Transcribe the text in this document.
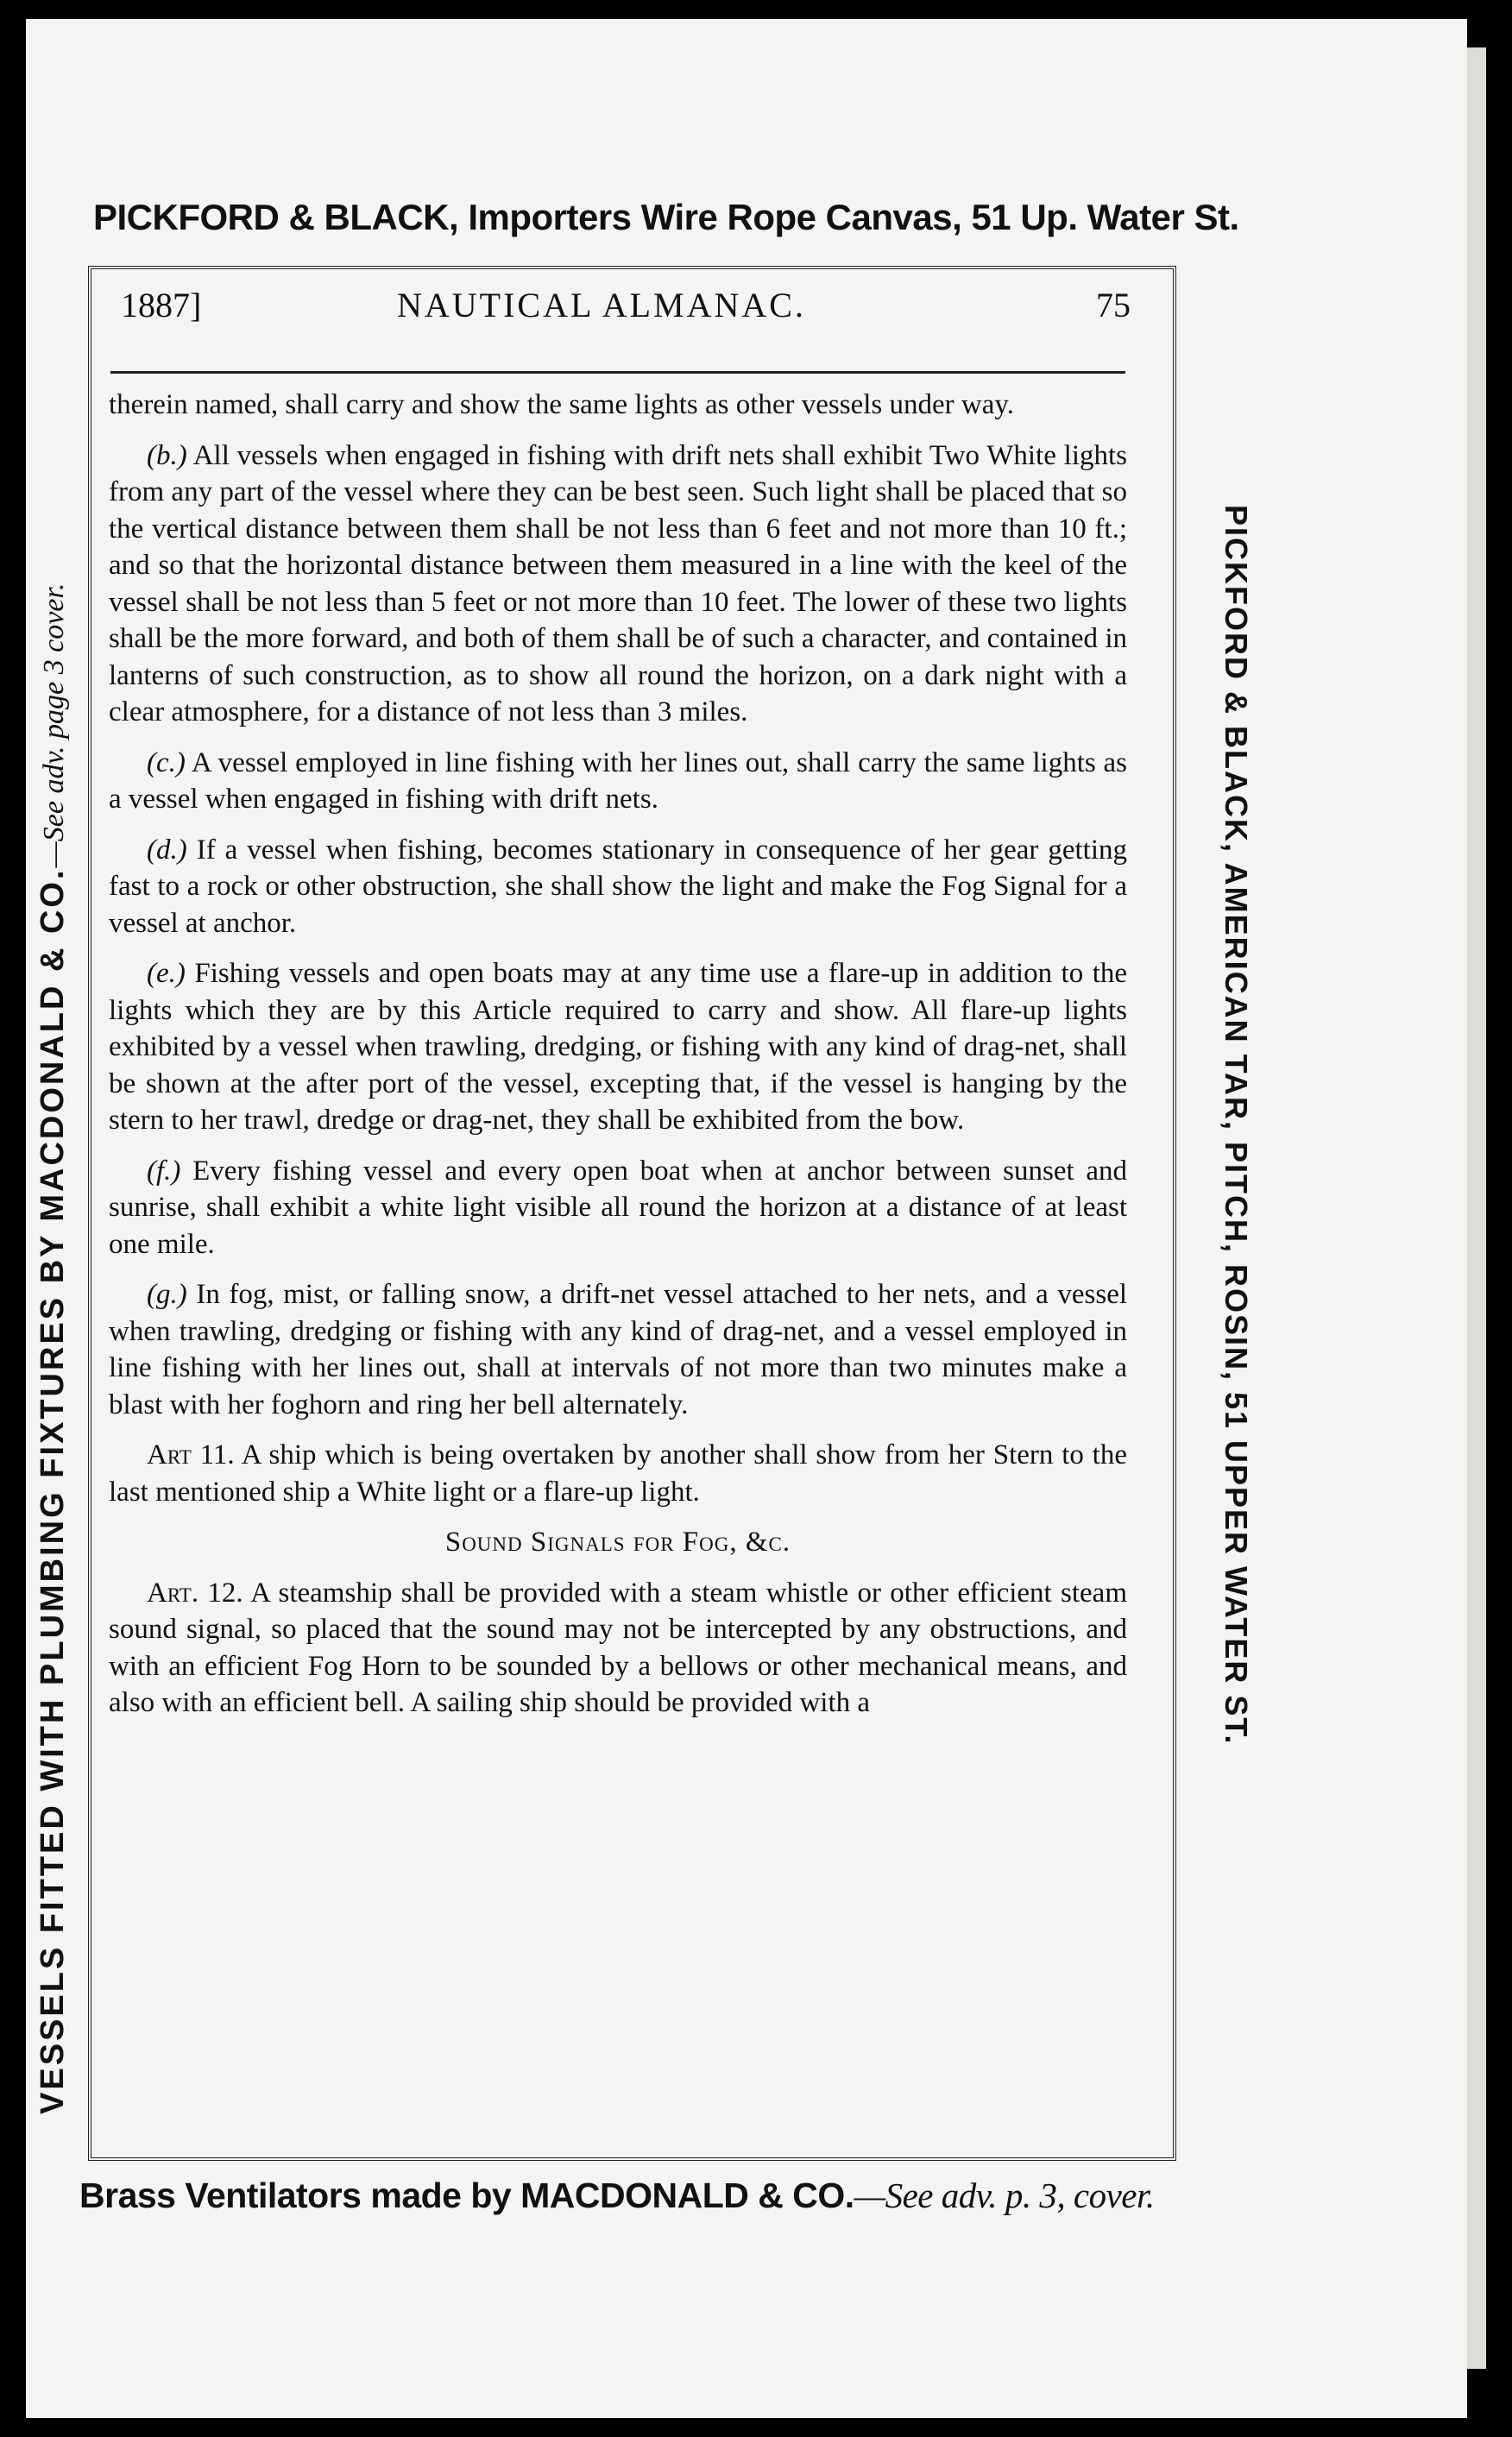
PICKFORD & BLACK, Importers Wire Rope Canvas, 51 Up. Water St.
VESSELS FITTED WITH PLUMBING FIXTURES BY MACDONALD & CO.—See adv. page 3 cover.	PICKFORD & BLACK, AMERICAN TAR, PITCH, ROSIN, 51 UPPER WATER ST.
1887]	NAUTICAL ALMANAC.	75

therein named, shall carry and show the same lights as other vessels under way.

(b.) All vessels when engaged in fishing with drift nets shall exhibit Two White lights from any part of the vessel where they can be best seen. Such light shall be placed that so the vertical distance between them shall be not less than 6 feet and not more than 10 ft.; and so that the horizontal distance between them measured in a line with the keel of the vessel shall be not less than 5 feet or not more than 10 feet. The lower of these two lights shall be the more forward, and both of them shall be of such a character, and contained in lanterns of such construction, as to show all round the horizon, on a dark night with a clear atmosphere, for a distance of not less than 3 miles.

(c.) A vessel employed in line fishing with her lines out, shall carry the same lights as a vessel when engaged in fishing with drift nets.

(d.) If a vessel when fishing, becomes stationary in consequence of her gear getting fast to a rock or other obstruction, she shall show the light and make the Fog Signal for a vessel at anchor.

(e.) Fishing vessels and open boats may at any time use a flare-up in addition to the lights which they are by this Article required to carry and show. All flare-up lights exhibited by a vessel when trawling, dredging, or fishing with any kind of drag-net, shall be shown at the after port of the vessel, excepting that, if the vessel is hanging by the stern to her trawl, dredge or drag-net, they shall be exhibited from the bow.

(f.) Every fishing vessel and every open boat when at anchor between sunset and sunrise, shall exhibit a white light visible all round the horizon at a distance of at least one mile.

(g.) In fog, mist, or falling snow, a drift-net vessel attached to her nets, and a vessel when trawling, dredging or fishing with any kind of drag-net, and a vessel employed in line fishing with her lines out, shall at intervals of not more than two minutes make a blast with her foghorn and ring her bell alternately.

Art 11. A ship which is being overtaken by another shall show from her Stern to the last mentioned ship a White light or a flare-up light.

Sound Signals for Fog, &c.

Art. 12. A steamship shall be provided with a steam whistle or other efficient steam sound signal, so placed that the sound may not be intercepted by any obstructions, and with an efficient Fog Horn to be sounded by a bellows or other mechanical means, and also with an efficient bell. A sailing ship should be provided with a

Brass Ventilators made by MACDONALD & CO.—See adv. p. 3, cover.
